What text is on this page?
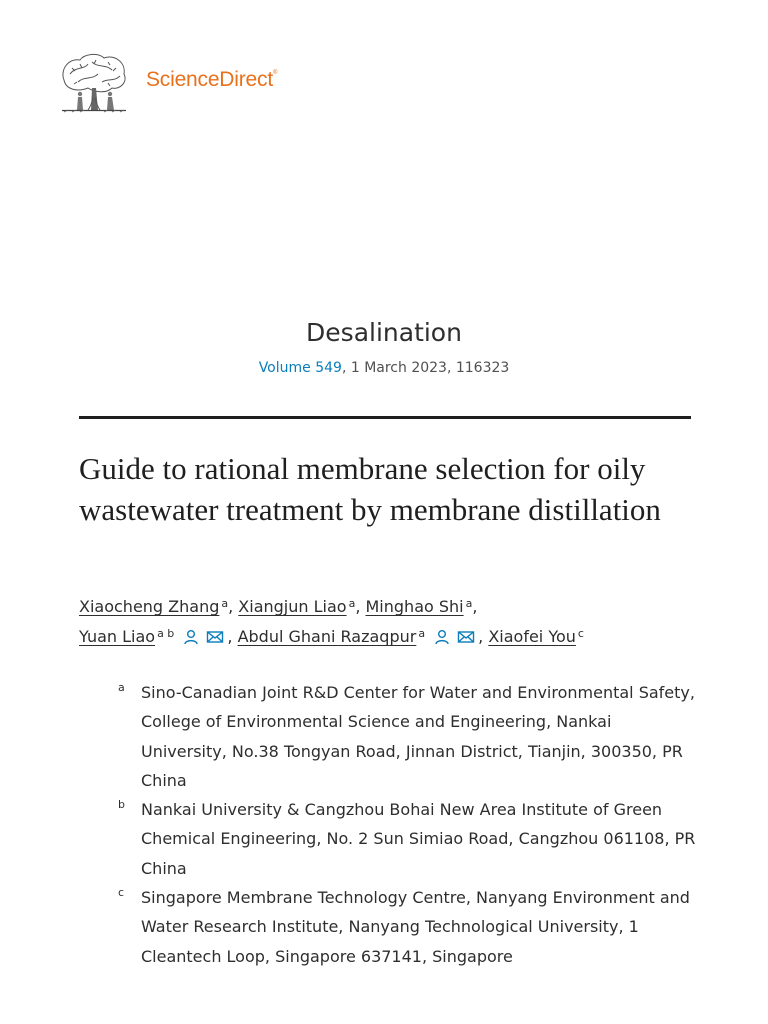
ScienceDirect®
Desalination
Volume 549, 1 March 2023, 116323
Guide to rational membrane selection for oily wastewater treatment by membrane distillation
Xiaocheng Zhang $^a$, Xiangjun Liao $^a$, Minghao Shi $^a$,
Yuan Liao $^{a b}$	, Abdul Ghani Razaqpur $^a$	, Xiaofei You $^c$
a	Sino-Canadian Joint R&D Center for Water and Environmental Safety, College of Environmental Science and Engineering, Nankai University, No.38 Tongyan Road, Jinnan District, Tianjin, 300350, PR China
b	Nankai University & Cangzhou Bohai New Area Institute of Green Chemical Engineering, No. 2 Sun Simiao Road, Cangzhou 061108, PR China
c	Singapore Membrane Technology Centre, Nanyang Environment and Water Research Institute, Nanyang Technological University, 1 Cleantech Loop, Singapore 637141, Singapore
